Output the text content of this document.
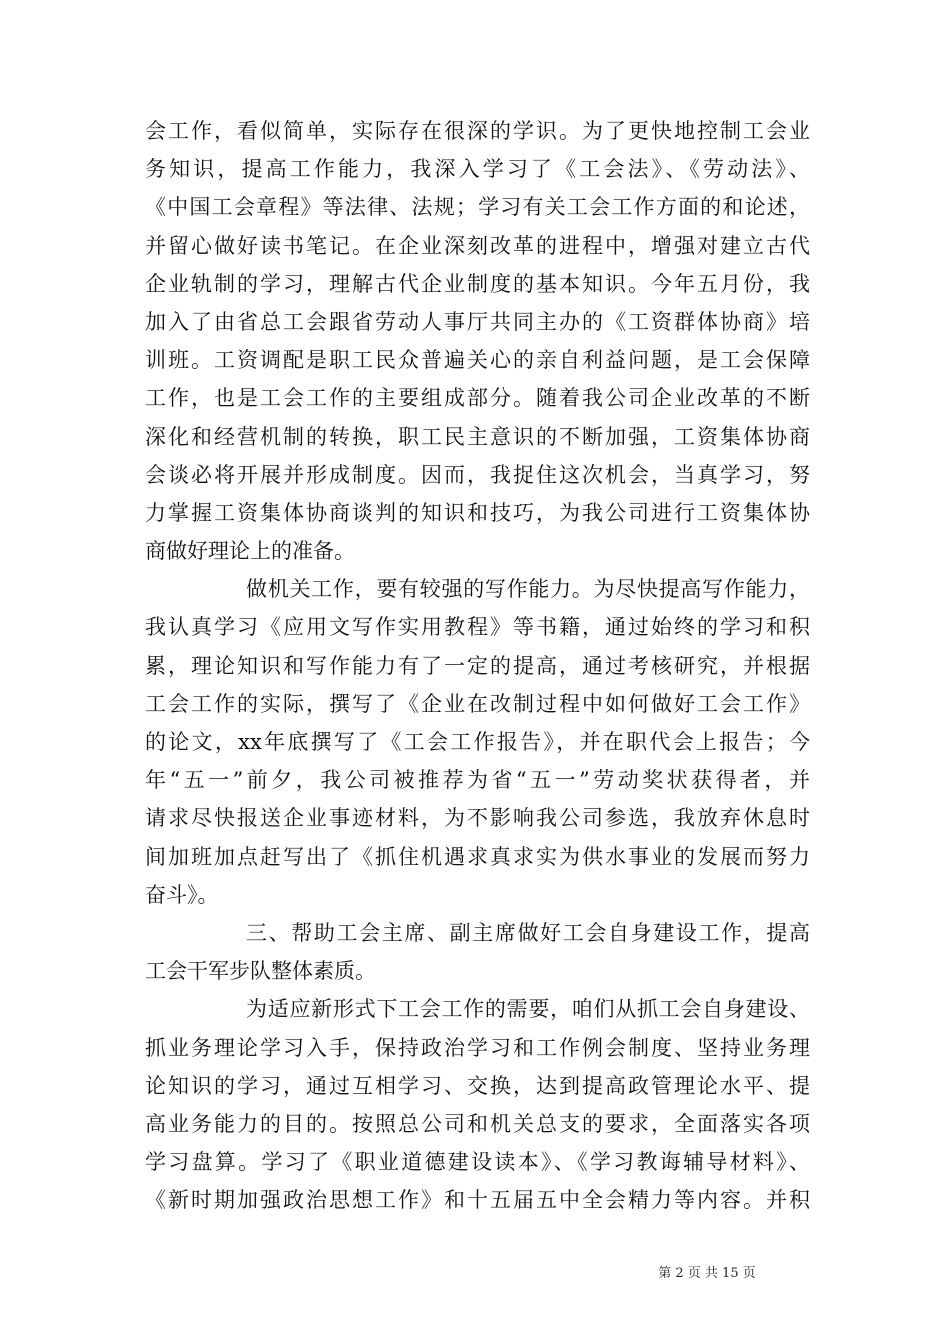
会工作，看似简单，实际存在很深的学识。为了更快地控制工会业
务知识，提高工作能力，我深入学习了《工会法》、《劳动法》、
《中国工会章程》等法律、法规；学习有关工会工作方面的和论述，
并留心做好读书笔记。在企业深刻改革的进程中，增强对建立古代
企业轨制的学习，理解古代企业制度的基本知识。今年五月份，我
加入了由省总工会跟省劳动人事厅共同主办的《工资群体协商》培
训班。工资调配是职工民众普遍关心的亲自利益问题，是工会保障
工作，也是工会工作的主要组成部分。随着我公司企业改革的不断
深化和经营机制的转换，职工民主意识的不断加强，工资集体协商
会谈必将开展并形成制度。因而，我捉住这次机会，当真学习，努
力掌握工资集体协商谈判的知识和技巧，为我公司进行工资集体协
商做好理论上的准备。
做机关工作，要有较强的写作能力。为尽快提高写作能力，
我认真学习《应用文写作实用教程》等书籍，通过始终的学习和积
累，理论知识和写作能力有了一定的提高，通过考核研究，并根据
工会工作的实际，撰写了《企业在改制过程中如何做好工会工作》
的论文，xx年底撰写了《工会工作报告》，并在职代会上报告；今
年“五一”前夕，我公司被推荐为省“五一”劳动奖状获得者，并
请求尽快报送企业事迹材料，为不影响我公司参选，我放弃休息时
间加班加点赶写出了《抓住机遇求真求实为供水事业的发展而努力
奋斗》。
三、帮助工会主席、副主席做好工会自身建设工作，提高
工会干军步队整体素质。
为适应新形式下工会工作的需要，咱们从抓工会自身建设、
抓业务理论学习入手，保持政治学习和工作例会制度、坚持业务理
论知识的学习，通过互相学习、交换，达到提高政管理论水平、提
高业务能力的目的。按照总公司和机关总支的要求，全面落实各项
学习盘算。学习了《职业道德建设读本》、《学习教诲辅导材料》、
《新时期加强政治思想工作》和十五届五中全会精力等内容。并积
第 2 页 共 15 页
